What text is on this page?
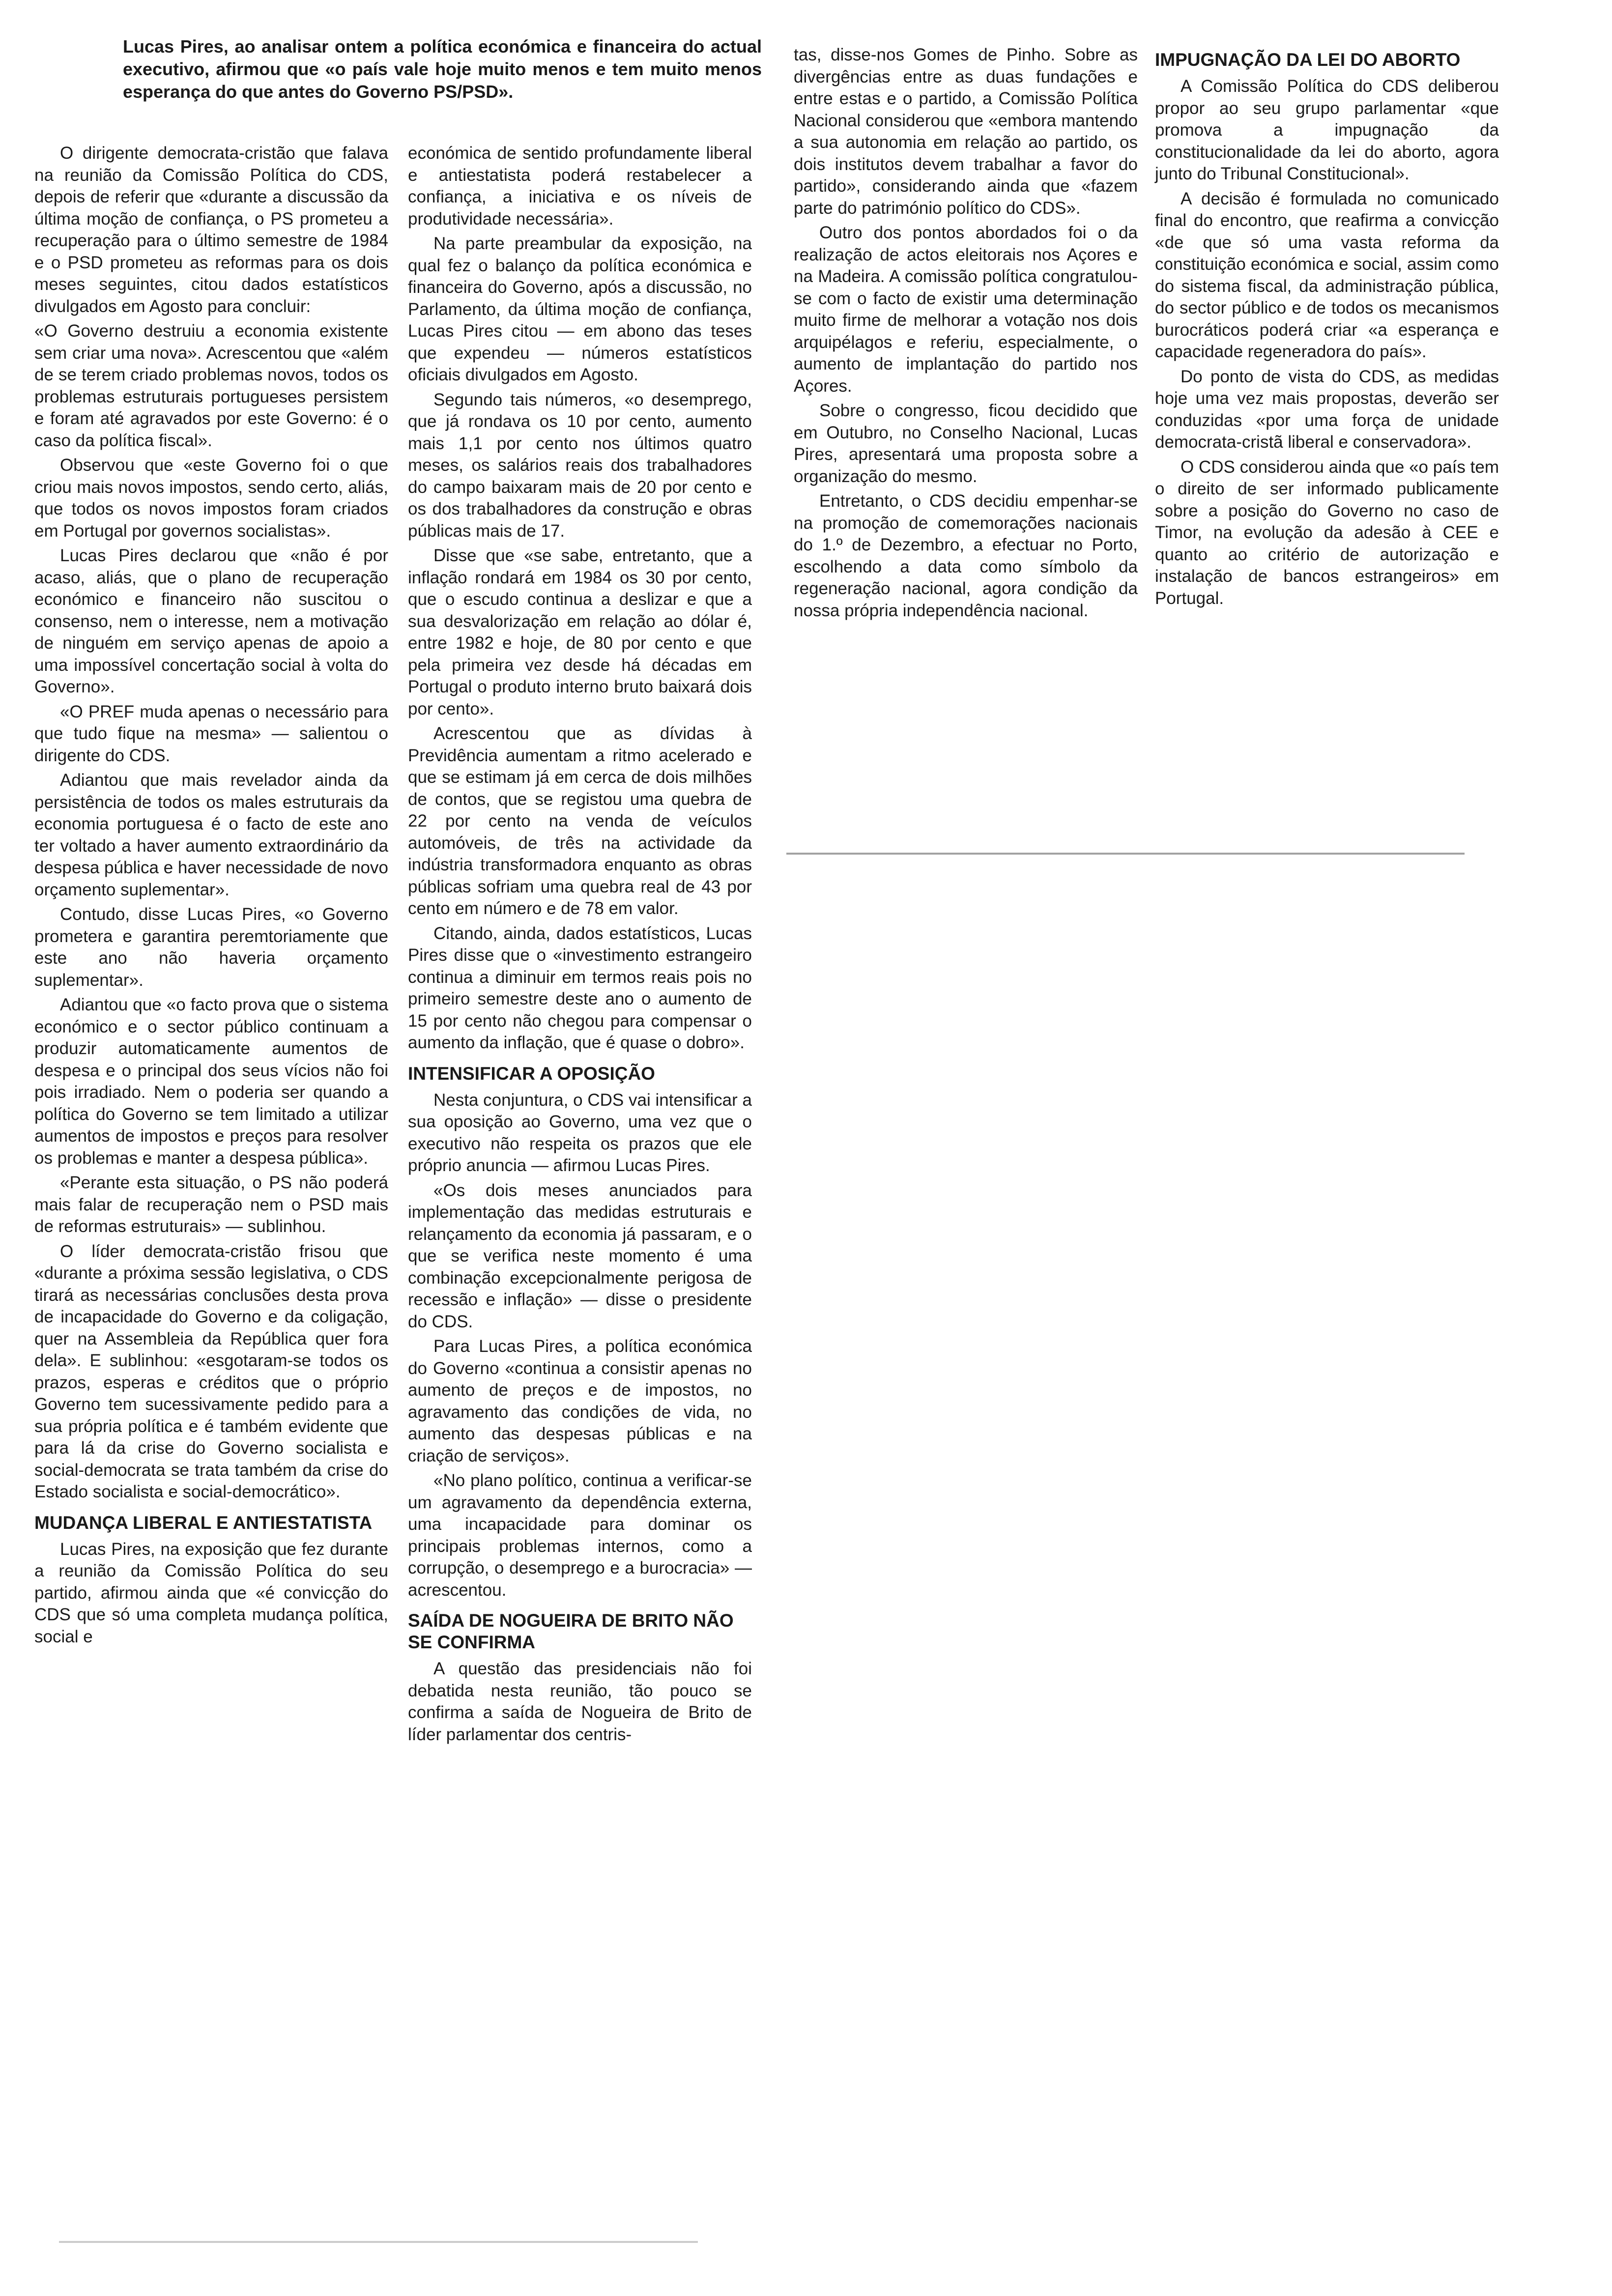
Lucas Pires, ao analisar ontem a política económica e financeira do actual executivo, afirmou que «o país vale hoje muito menos e tem muito menos esperança do que antes do Governo PS/PSD».

O dirigente democrata-cristão que falava na reunião da Comissão Política do CDS, depois de referir que «durante a discussão da última moção de confiança, o PS prometeu a recuperação para o último semestre de 1984 e o PSD prometeu as reformas para os dois meses seguintes, citou dados estatísticos divulgados em Agosto para concluir:

«O Governo destruiu a economia existente sem criar uma nova». Acrescentou que «além de se terem criado problemas novos, todos os problemas estruturais portugueses persistem e foram até agravados por este Governo: é o caso da política fiscal».

Observou que «este Governo foi o que criou mais novos impostos, sendo certo, aliás, que todos os novos impostos foram criados em Portugal por governos socialistas».

Lucas Pires declarou que «não é por acaso, aliás, que o plano de recuperação económico e financeiro não suscitou o consenso, nem o interesse, nem a motivação de ninguém em serviço apenas de apoio a uma impossível concertação social à volta do Governo».

«O PREF muda apenas o necessário para que tudo fique na mesma» — salientou o dirigente do CDS.

Adiantou que mais revelador ainda da persistência de todos os males estruturais da economia portuguesa é o facto de este ano ter voltado a haver aumento extraordinário da despesa pública e haver necessidade de novo orçamento suplementar».

Contudo, disse Lucas Pires, «o Governo prometera e garantira peremtoriamente que este ano não haveria orçamento suplementar».

Adiantou que «o facto prova que o sistema económico e o sector público continuam a produzir automaticamente aumentos de despesa e o principal dos seus vícios não foi pois irradiado. Nem o poderia ser quando a política do Governo se tem limitado a utilizar aumentos de impostos e preços para resolver os problemas e manter a despesa pública».

«Perante esta situação, o PS não poderá mais falar de recuperação nem o PSD mais de reformas estruturais» — sublinhou.

O líder democrata-cristão frisou que «durante a próxima sessão legislativa, o CDS tirará as necessárias conclusões desta prova de incapacidade do Governo e da coligação, quer na Assembleia da República quer fora dela». E sublinhou: «esgotaram-se todos os prazos, esperas e créditos que o próprio Governo tem sucessivamente pedido para a sua própria política e é também evidente que para lá da crise do Governo socialista e social-democrata se trata também da crise do Estado socialista e social-democrático».

MUDANÇA LIBERAL E ANTIESTATISTA

Lucas Pires, na exposição que fez durante a reunião da Comissão Política do seu partido, afirmou ainda que «é convicção do CDS que só uma completa mudança política, social e

económica de sentido profundamente liberal e antiestatista poderá restabelecer a confiança, a iniciativa e os níveis de produtividade necessária».

Na parte preambular da exposição, na qual fez o balanço da política económica e financeira do Governo, após a discussão, no Parlamento, da última moção de confiança, Lucas Pires citou — em abono das teses que expendeu — números estatísticos oficiais divulgados em Agosto.

Segundo tais números, «o desemprego, que já rondava os 10 por cento, aumento mais 1,1 por cento nos últimos quatro meses, os salários reais dos trabalhadores do campo baixaram mais de 20 por cento e os dos trabalhadores da construção e obras públicas mais de 17.

Disse que «se sabe, entretanto, que a inflação rondará em 1984 os 30 por cento, que o escudo continua a deslizar e que a sua desvalorização em relação ao dólar é, entre 1982 e hoje, de 80 por cento e que pela primeira vez desde há décadas em Portugal o produto interno bruto baixará dois por cento».

Acrescentou que as dívidas à Previdência aumentam a ritmo acelerado e que se estimam já em cerca de dois milhões de contos, que se registou uma quebra de 22 por cento na venda de veículos automóveis, de três na actividade da indústria transformadora enquanto as obras públicas sofriam uma quebra real de 43 por cento em número e de 78 em valor.

Citando, ainda, dados estatísticos, Lucas Pires disse que o «investimento estrangeiro continua a diminuir em termos reais pois no primeiro semestre deste ano o aumento de 15 por cento não chegou para compensar o aumento da inflação, que é quase o dobro».

INTENSIFICAR A OPOSIÇÃO

Nesta conjuntura, o CDS vai intensificar a sua oposição ao Governo, uma vez que o executivo não respeita os prazos que ele próprio anuncia — afirmou Lucas Pires.

«Os dois meses anunciados para implementação das medidas estruturais e relançamento da economia já passaram, e o que se verifica neste momento é uma combinação excepcionalmente perigosa de recessão e inflação» — disse o presidente do CDS.

Para Lucas Pires, a política económica do Governo «continua a consistir apenas no aumento de preços e de impostos, no agravamento das condições de vida, no aumento das despesas públicas e na criação de serviços».

«No plano político, continua a verificar-se um agravamento da dependência externa, uma incapacidade para dominar os principais problemas internos, como a corrupção, o desemprego e a burocracia» — acrescentou.

SAÍDA DE NOGUEIRA DE BRITO NÃO SE CONFIRMA

A questão das presidenciais não foi debatida nesta reunião, tão pouco se confirma a saída de Nogueira de Brito de líder parlamentar dos centris-

tas, disse-nos Gomes de Pinho. Sobre as divergências entre as duas fundações e entre estas e o partido, a Comissão Política Nacional considerou que «embora mantendo a sua autonomia em relação ao partido, os dois institutos devem trabalhar a favor do partido», considerando ainda que «fazem parte do património político do CDS».

Outro dos pontos abordados foi o da realização de actos eleitorais nos Açores e na Madeira. A comissão política congratulou-se com o facto de existir uma determinação muito firme de melhorar a votação nos dois arquipélagos e referiu, especialmente, o aumento de implantação do partido nos Açores.

Sobre o congresso, ficou decidido que em Outubro, no Conselho Nacional, Lucas Pires, apresentará uma proposta sobre a organização do mesmo.

Entretanto, o CDS decidiu empenhar-se na promoção de comemorações nacionais do 1.º de Dezembro, a efectuar no Porto, escolhendo a data como símbolo da regeneração nacional, agora condição da nossa própria independência nacional.

IMPUGNAÇÃO DA LEI DO ABORTO

A Comissão Política do CDS deliberou propor ao seu grupo parlamentar «que promova a impugnação da constitucionalidade da lei do aborto, agora junto do Tribunal Constitucional».

A decisão é formulada no comunicado final do encontro, que reafirma a convicção «de que só uma vasta reforma da constituição económica e social, assim como do sistema fiscal, da administração pública, do sector público e de todos os mecanismos burocráticos poderá criar «a esperança e capacidade regeneradora do país».

Do ponto de vista do CDS, as medidas hoje uma vez mais propostas, deverão ser conduzidas «por uma força de unidade democrata-cristã liberal e conservadora».

O CDS considerou ainda que «o país tem o direito de ser informado publicamente sobre a posição do Governo no caso de Timor, na evolução da adesão à CEE e quanto ao critério de autorização e instalação de bancos estrangeiros» em Portugal.
